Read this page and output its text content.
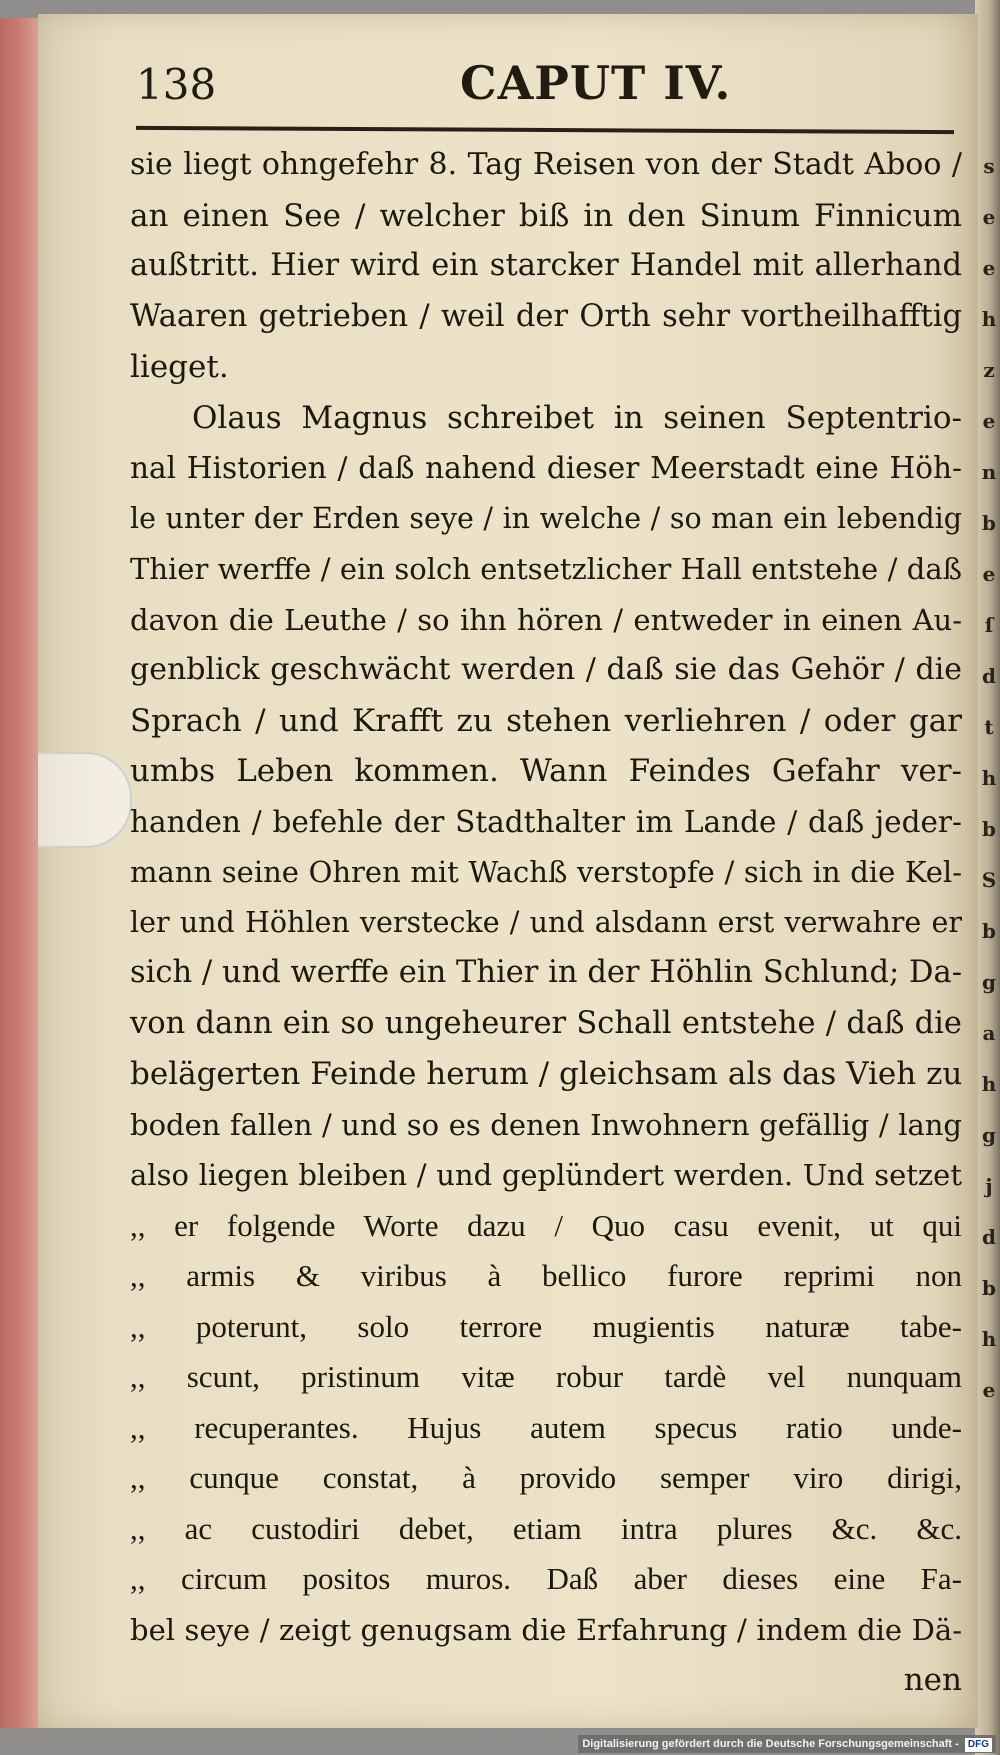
138	CAPUT IV.
sie liegt ohngefehr 8. Tag Reisen von der Stadt Aboo /
an einen See / welcher biß in den Sinum Finnicum
außtritt. Hier wird ein starcker Handel mit allerhand
Waaren getrieben / weil der Orth sehr vortheilhafftig
lieget.
Olaus Magnus schreibet in seinen Septentrio-
nal Historien / daß nahend dieser Meerstadt eine Höh-
le unter der Erden seye / in welche / so man ein lebendig
Thier werffe / ein solch entsetzlicher Hall entstehe / daß
davon die Leuthe / so ihn hören / entweder in einen Au-
genblick geschwächt werden / daß sie das Gehör / die
Sprach / und Krafft zu stehen verliehren / oder gar
umbs Leben kommen. Wann Feindes Gefahr ver-
handen / befehle der Stadthalter im Lande / daß jeder-
mann seine Ohren mit Wachß verstopfe / sich in die Kel-
ler und Höhlen verstecke / und alsdann erst verwahre er
sich / und werffe ein Thier in der Höhlin Schlund; Da-
von dann ein so ungeheurer Schall entstehe / daß die
belägerten Feinde herum / gleichsam als das Vieh zu
boden fallen / und so es denen Inwohnern gefällig / lang
also liegen bleiben / und geplündert werden. Und setzet
,, er folgende Worte dazu / Quo casu evenit, ut qui
,, armis & viribus à bellico furore reprimi non
,, poterunt, solo terrore mugientis naturæ tabe-
,, scunt, pristinum vitæ robur tardè vel nunquam
,, recuperantes. Hujus autem specus ratio unde-
,, cunque constat, à provido semper viro dirigi,
,, ac custodiri debet, etiam intra plures &c. &c.
,, circum positos muros. Daß aber dieses eine Fa-
bel seye / zeigt genugsam die Erfahrung / indem die Dä-
nen
Digitalisierung gefördert durch die Deutsche Forschungsgemeinschaft - DFG
s
e
e
h
z
e
n
b
e
ſ
d
t
h
b
S
b
g
a
h
g
j
d
b
h
e
